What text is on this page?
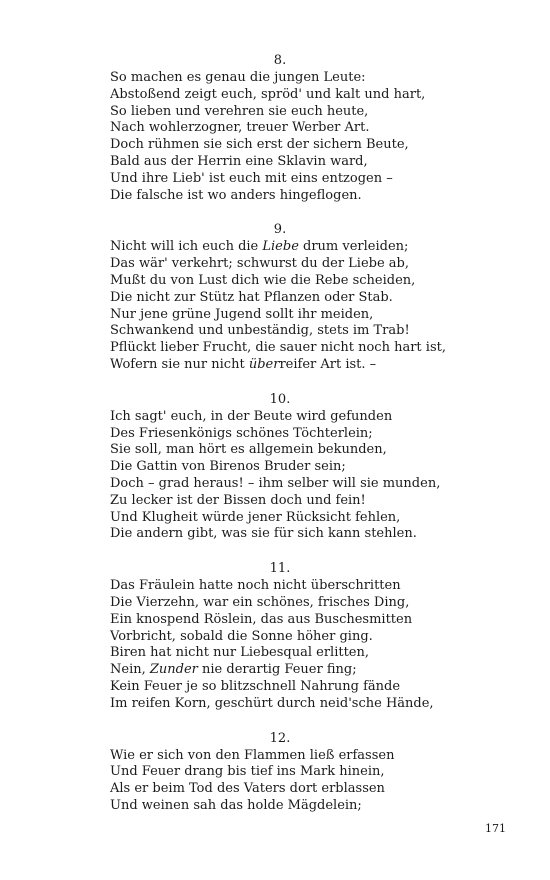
8.
So machen es genau die jungen Leute:
Abstoßend zeigt euch, spröd' und kalt und hart,
So lieben und verehren sie euch heute,
Nach wohlerzogner, treuer Werber Art.
Doch rühmen sie sich erst der sichern Beute,
Bald aus der Herrin eine Sklavin ward,
Und ihre Lieb' ist euch mit eins entzogen –
Die falsche ist wo anders hingeflogen.
9.
Nicht will ich euch die Liebe drum verleiden;
Das wär' verkehrt; schwurst du der Liebe ab,
Mußt du von Lust dich wie die Rebe scheiden,
Die nicht zur Stütz hat Pflanzen oder Stab.
Nur jene grüne Jugend sollt ihr meiden,
Schwankend und unbeständig, stets im Trab!
Pflückt lieber Frucht, die sauer nicht noch hart ist,
Wofern sie nur nicht überreifer Art ist. –
10.
Ich sagt' euch, in der Beute wird gefunden
Des Friesenkönigs schönes Töchterlein;
Sie soll, man hört es allgemein bekunden,
Die Gattin von Birenos Bruder sein;
Doch – grad heraus! – ihm selber will sie munden,
Zu lecker ist der Bissen doch und fein!
Und Klugheit würde jener Rücksicht fehlen,
Die andern gibt, was sie für sich kann stehlen.
11.
Das Fräulein hatte noch nicht überschritten
Die Vierzehn, war ein schönes, frisches Ding,
Ein knospend Röslein, das aus Buschesmitten
Vorbricht, sobald die Sonne höher ging.
Biren hat nicht nur Liebesqual erlitten,
Nein, Zunder nie derartig Feuer fing;
Kein Feuer je so blitzschnell Nahrung fände
Im reifen Korn, geschürt durch neid'sche Hände,
12.
Wie er sich von den Flammen ließ erfassen
Und Feuer drang bis tief ins Mark hinein,
Als er beim Tod des Vaters dort erblassen
Und weinen sah das holde Mägdelein;
171
